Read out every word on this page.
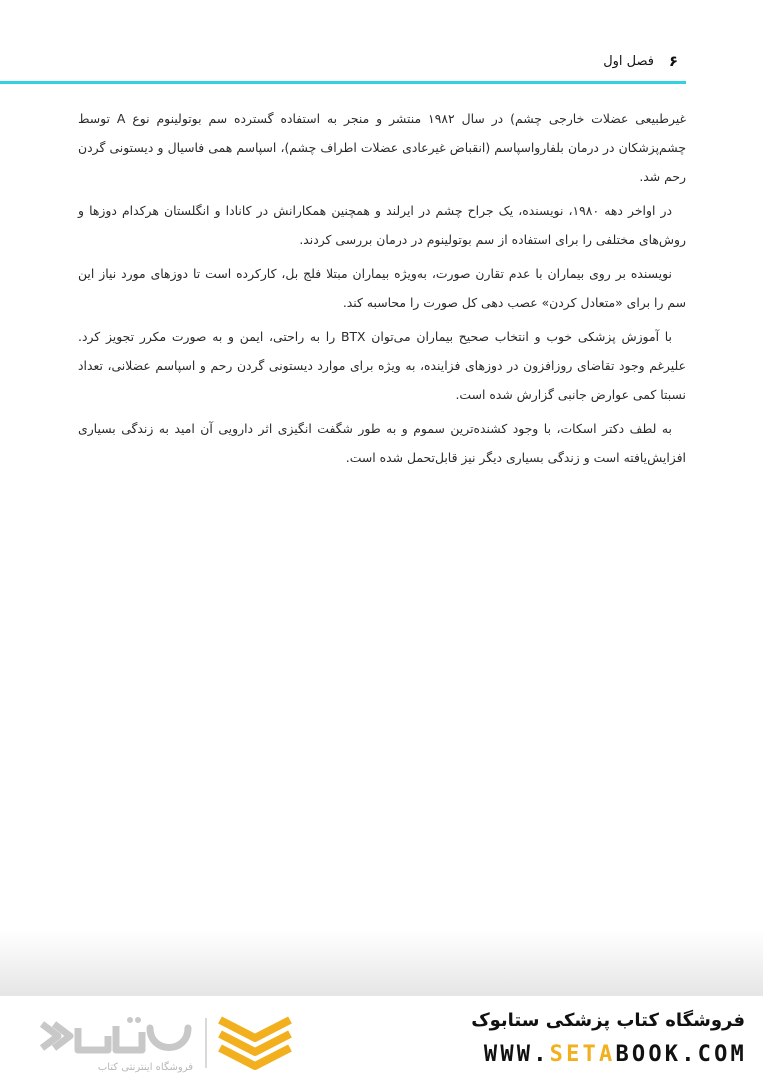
۶
فصل اول

غیرطبیعی عضلات خارجی چشم) در سال ۱۹۸۲ منتشر و منجر به استفاده گسترده سم بوتولینوم نوع A توسط چشم‌پزشکان در درمان بلفارواسپاسم (انقباض غیرعادی عضلات اطراف چشم)، اسپاسم همی فاسیال و دیستونی گردن رحم شد.

در اواخر دهه ۱۹۸۰، نویسنده، یک جراح چشم در ایرلند و همچنین همکارانش در کانادا و انگلستان هرکدام دوزها و روش‌های مختلفی را برای استفاده از سم بوتولینوم در درمان بررسی کردند.

نویسنده بر روی بیماران با عدم تقارن صورت، به‌ویژه بیماران مبتلا فلج بل، کارکرده است تا دوزهای مورد نیاز این سم را برای «متعادل کردن» عصب دهی کل صورت را محاسبه کند.

با آموزش پزشکی خوب و انتخاب صحیح بیماران می‌توان BTX را به راحتی، ایمن و به صورت مکرر تجویز کرد. علیرغم وجود تقاضای روزافزون در دوزهای فزاینده، به ویژه برای موارد دیستونی گردن رحم و اسپاسم عضلانی، تعداد نسبتا کمی عوارض جانبی گزارش شده است.

به لطف دکتر اسکات، با وجود کشنده‌ترین سموم و به طور شگفت انگیزی اثر دارویی آن امید به زندگی بسیاری افزایش‌یافته است و زندگی بسیاری دیگر نیز قابل‌تحمل شده است.

فروشگاه اینترنتی کتاب
ستابوک	فروشگاه کتاب پزشکی ستابوک
WWW.SETABOOK.COM
